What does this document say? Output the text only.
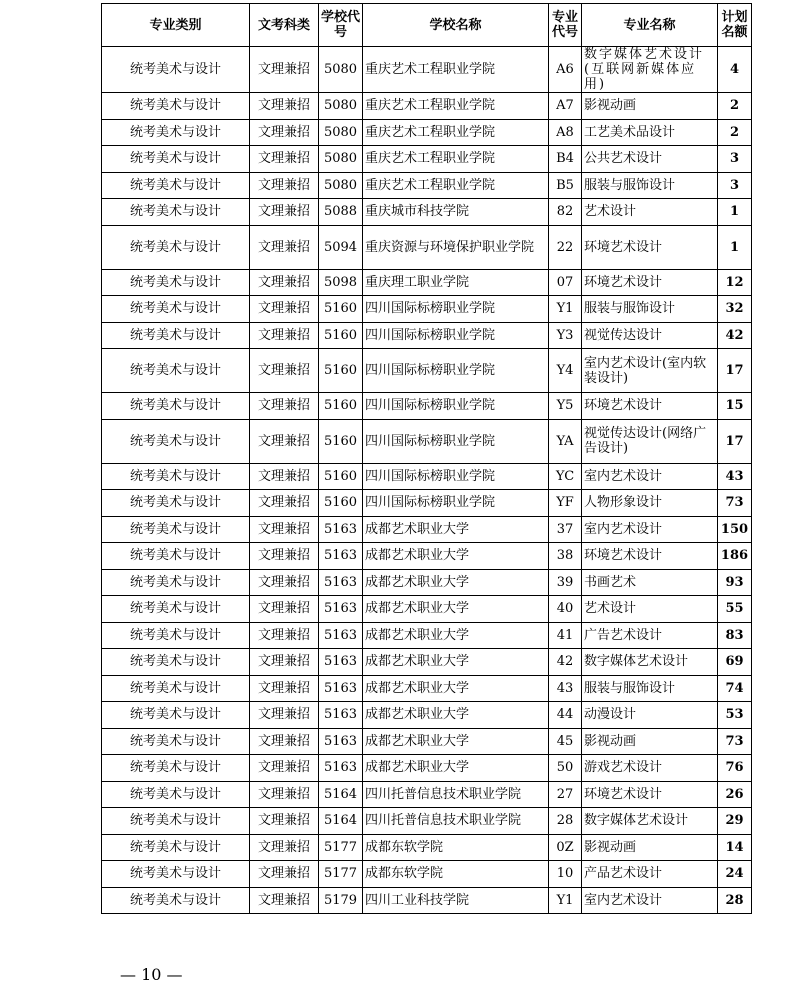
专业类别	文考科类	学校代号	学校名称	专业代号	专业名称	计划名额
统考美术与设计	文理兼招	5080	重庆艺术工程职业学院	A6	数字媒体艺术设计(互联网新媒体应用)	4
统考美术与设计	文理兼招	5080	重庆艺术工程职业学院	A7	影视动画	2
统考美术与设计	文理兼招	5080	重庆艺术工程职业学院	A8	工艺美术品设计	2
统考美术与设计	文理兼招	5080	重庆艺术工程职业学院	B4	公共艺术设计	3
统考美术与设计	文理兼招	5080	重庆艺术工程职业学院	B5	服装与服饰设计	3
统考美术与设计	文理兼招	5088	重庆城市科技学院	82	艺术设计	1
统考美术与设计	文理兼招	5094	重庆资源与环境保护职业学院	22	环境艺术设计	1
统考美术与设计	文理兼招	5098	重庆理工职业学院	07	环境艺术设计	12
统考美术与设计	文理兼招	5160	四川国际标榜职业学院	Y1	服装与服饰设计	32
统考美术与设计	文理兼招	5160	四川国际标榜职业学院	Y3	视觉传达设计	42
统考美术与设计	文理兼招	5160	四川国际标榜职业学院	Y4	室内艺术设计(室内软装设计)	17
统考美术与设计	文理兼招	5160	四川国际标榜职业学院	Y5	环境艺术设计	15
统考美术与设计	文理兼招	5160	四川国际标榜职业学院	YA	视觉传达设计(网络广告设计)	17
统考美术与设计	文理兼招	5160	四川国际标榜职业学院	YC	室内艺术设计	43
统考美术与设计	文理兼招	5160	四川国际标榜职业学院	YF	人物形象设计	73
统考美术与设计	文理兼招	5163	成都艺术职业大学	37	室内艺术设计	150
统考美术与设计	文理兼招	5163	成都艺术职业大学	38	环境艺术设计	186
统考美术与设计	文理兼招	5163	成都艺术职业大学	39	书画艺术	93
统考美术与设计	文理兼招	5163	成都艺术职业大学	40	艺术设计	55
统考美术与设计	文理兼招	5163	成都艺术职业大学	41	广告艺术设计	83
统考美术与设计	文理兼招	5163	成都艺术职业大学	42	数字媒体艺术设计	69
统考美术与设计	文理兼招	5163	成都艺术职业大学	43	服装与服饰设计	74
统考美术与设计	文理兼招	5163	成都艺术职业大学	44	动漫设计	53
统考美术与设计	文理兼招	5163	成都艺术职业大学	45	影视动画	73
统考美术与设计	文理兼招	5163	成都艺术职业大学	50	游戏艺术设计	76
统考美术与设计	文理兼招	5164	四川托普信息技术职业学院	27	环境艺术设计	26
统考美术与设计	文理兼招	5164	四川托普信息技术职业学院	28	数字媒体艺术设计	29
统考美术与设计	文理兼招	5177	成都东软学院	0Z	影视动画	14
统考美术与设计	文理兼招	5177	成都东软学院	10	产品艺术设计	24
统考美术与设计	文理兼招	5179	四川工业科技学院	Y1	室内艺术设计	28
— 10 —
